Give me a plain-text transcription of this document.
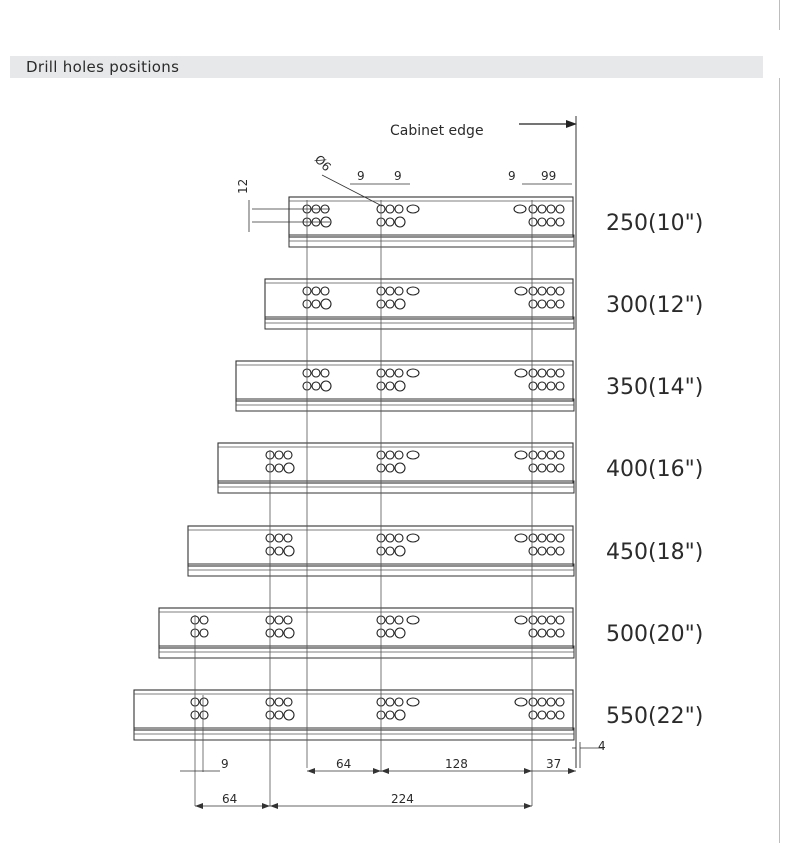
Drill holes positions
Cabinet edge
250(10")
300(12")
350(14")
400(16")
450(18")
500(20")
550(22")
12
Ø6
9 9	9 99
9	64	128	37
4
64	224
